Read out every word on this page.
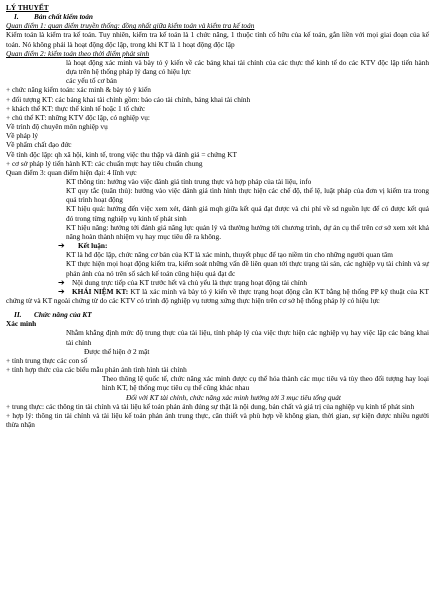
LÝ THUYẾT
I. Bản chất kiểm toán
Quan điểm 1: quan điểm truyền thống: đồng nhất giữa kiểm toán và kiểm tra kế toán
Kiểm toán là kiểm tra kế toán. Tuy nhiên, kiểm tra kế toán là 1 chức năng, 1 thuộc tính cố hữu của kế toán, gắn liền với mọi giai đoạn của kế toán. Nó không phải là hoạt động độc lập, trong khi KT là 1 hoạt động độc lập
Quan điểm 2: kiểm toán theo thời điểm phát sinh
là hoạt động xác minh và bày tỏ ý kiến về các bảng khai tài chính của các thực thể kinh tế do các KTV độc lập tiến hành dựa trên hệ thống pháp lý đang có hiệu lực
các yếu tố cơ bản
+ chức năng kiểm toán: xác minh & bày tỏ ý kiến
+ đối tượng KT: các bảng khai tài chính gồm: báo cáo tài chính, bảng khai tài chính
+ khách thể KT: thực thể kinh tế hoặc 1 tổ chức
+ chủ thể KT: những KTV độc lập, có nghiệp vụ:
Về trình độ chuyên môn nghiệp vụ
Về pháp lý
Về phẩm chất đạo đức
Về tính độc lập: qh xã hội, kinh tế, trong việc thu thập và đánh giá = chứng KT
+ cơ sở pháp lý tiến hành KT: các chuẩn mực hay tiêu chuẩn chung
Quan điểm 3: quan điểm hiện đại: 4 lĩnh vực
KT thông tin: hướng vào việc đánh giá tính trung thực và hợp pháp của tài liệu, info
KT quy tắc (tuân thủ): hướng vào việc đánh giá tình hình thực hiện các chế độ, thể lệ, luật pháp của đơn vị kiểm tra trong quá trình hoạt động
KT hiệu quả: hướng đến việc xem xét, đánh giá mqh giữa kết quả đạt được và chi phí về sd nguồn lực để có được kết quả đó trong từng nghiệp vụ kinh tế phát sinh
KT hiệu năng: hướng tới đánh giá năng lực quản lý và thường hướng tới chương trình, dự án cụ thể trên cơ sở xem xét khả năng hoàn thành nhiệm vụ hay mục tiêu đề ra không.
➔ Kết luận:
KT là hđ độc lập, chức năng cơ bản của KT là xác minh, thuyết phục để tạo niềm tin cho những người quan tâm
KT thực hiện mọi hoạt động kiểm tra, kiểm soát những vấn đề liên quan tới thực trạng tài sản, các nghiệp vụ tài chính và sự phản ánh của nó trên sổ sách kế toán cũng hiệu quả đạt đc
➔ Nội dung trực tiếp của KT trước hết và chủ yếu là thực trạng hoạt động tài chính
➔ KHÁI NIỆM KT: KT là xác minh và bày tỏ ý kiến về thực trạng hoạt động cần KT bằng hệ thống PP kỹ thuật của KT chứng từ và KT ngoài chứng từ do các KTV có trình độ nghiệp vụ tương xứng thực hiện trên cơ sở hệ thống pháp lý có hiệu lực
II. Chức năng của KT
Xác minh
Nhằm khẳng định mức độ trung thực của tài liệu, tính pháp lý của việc thực hiện các nghiệp vụ hay việc lập các bảng khai tài chính
Được thể hiện ở 2 mặt
+ tính trung thực các con số
+ tính hợp thức của các biểu mẫu phản ánh tình hình tài chính
Theo thông lệ quốc tế, chức năng xác minh được cụ thể hóa thành các mục tiêu và tùy theo đối tượng hay loại hình KT, hệ thống mục tiêu cụ thể cũng khác nhau
Đối với KT tài chính, chức năng xác minh hướng tới 3 mục tiêu tổng quát
+ trung thực: các thông tin tài chính và tài liệu kế toán phản ánh đúng sự thật là nội dung, bản chất và giá trị của nghiệp vụ kinh tế phát sinh
+ hợp lý: thông tin tài chính và tài liệu kế toán phản ánh trung thực, cân thiết và phù hợp về không gian, thời gian, sự kiện được nhiều người thừa nhận
